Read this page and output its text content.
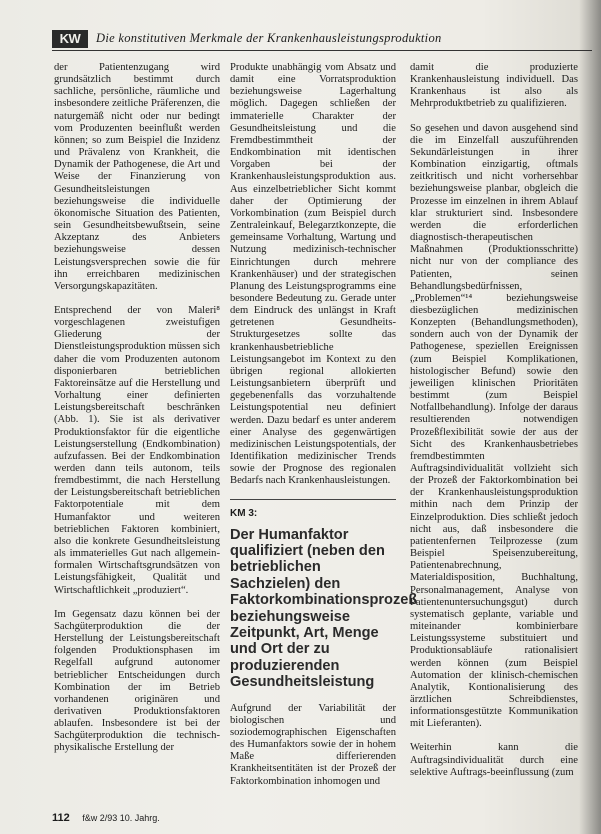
KW	Die konstitutiven Merkmale der Krankenhausleistungsproduktion

der Patientenzugang wird grundsätzlich bestimmt durch sachliche, persönliche, räumliche und insbesondere zeitliche Präferenzen, die naturgemäß nicht oder nur bedingt vom Produzenten beeinflußt werden können; so zum Beispiel die Inzidenz und Prävalenz von Krankheit, die Dynamik der Pathogenese, die Art und Weise der Finanzierung von Gesundheitsleistungen beziehungsweise die individuelle ökonomische Situation des Patienten, sein Gesundheitsbewußtsein, seine Akzeptanz des Anbieters beziehungsweise dessen Leistungsversprechen sowie die für ihn erreichbaren medizinischen Versorgungskapazitäten.

Entsprechend der von Maleri⁸ vorgeschlagenen zweistufigen Gliederung der Dienstleistungsproduktion müssen sich daher die vom Produzenten autonom disponierbaren betrieblichen Faktoreinsätze auf die Herstellung und Vorhaltung einer definierten Leistungsbereitschaft beschränken (Abb. 1). Sie ist als derivativer Produktionsfaktor für die eigentliche Leistungserstellung (Endkombination) aufzufassen. Bei der Endkombination werden dann teils autonom, teils fremdbestimmt, die nach Herstellung der Leistungsbereitschaft betrieblichen Faktorpotentiale mit dem Humanfaktor und weiteren betrieblichen Faktoren kombiniert, also die konkrete Gesundheitsleistung als immaterielles Gut nach allgemein-formalen Wirtschaftsgrundsätzen von Leistungsfähigkeit, Qualität und Wirtschaftlichkeit „produziert“.

Im Gegensatz dazu können bei der Sachgüterproduktion die der Herstellung der Leistungsbereitschaft folgenden Produktionsphasen im Regelfall aufgrund autonomer betrieblicher Entscheidungen durch Kombination der im Betrieb vorhandenen originären und derivativen Produktionsfaktoren ablaufen. Insbesondere ist bei der Sachgüterproduktion die technisch-physikalische Erstellung der

Produkte unabhängig vom Absatz und damit eine Vorratsproduktion beziehungsweise Lagerhaltung möglich. Dagegen schließen der immaterielle Charakter der Gesundheitsleistung und die Fremdbestimmtheit der Endkombination mit identischen Vorgaben bei der Krankenhausleistungsproduktion aus. Aus einzelbetrieblicher Sicht kommt daher der Optimierung der Vorkombination (zum Beispiel durch Zentraleinkauf, Belegarztkonzepte, die gemeinsame Vorhaltung, Wartung und Nutzung medizinisch-technischer Einrichtungen durch mehrere Krankenhäuser) und der strategischen Planung des Leistungsprogramms eine besondere Bedeutung zu. Gerade unter dem Eindruck des unlängst in Kraft getretenen Gesundheits-Strukturgesetzes sollte das krankenhausbetriebliche Leistungsangebot im Kontext zu den übrigen regional allokierten Leistungsanbietern überprüft und gegebenenfalls das vorzuhaltende Leistungspotential neu definiert werden. Dazu bedarf es unter anderem einer Analyse des gegenwärtigen medizinischen Leistungspotentials, der Identifikation medizinischer Trends sowie der Prognose des regionalen Bedarfs nach Krankenhausleistungen.

KM 3:
Der Humanfaktor qualifiziert (neben den betrieblichen Sachzielen) den Faktorkombinationsprozeß beziehungsweise Zeitpunkt, Art, Menge und Ort der zu produzierenden Gesundheitsleistung

Aufgrund der Variabilität der biologischen und soziodemographischen Eigenschaften des Humanfaktors sowie der in hohem Maße differierenden Krankheitsentitäten ist der Prozeß der Faktorkombination inhomogen und

damit die produzierte Krankenhausleistung individuell. Das Krankenhaus ist also als Mehrproduktbetrieb zu qualifizieren.

So gesehen und davon ausgehend sind die im Einzelfall auszuführenden Sekundärleistungen in ihrer Kombination einzigartig, oftmals zeitkritisch und nicht vorhersehbar beziehungsweise planbar, obgleich die Prozesse im einzelnen in ihrem Ablauf klar strukturiert sind. Insbesondere werden die erforderlichen diagnostisch-therapeutischen Maßnahmen (Produktionsschritte) nicht nur von der compliance des Patienten, seinen Behandlungsbedürfnissen, „Problemen“¹⁴ beziehungsweise diesbezüglichen medizinischen Konzepten (Behandlungsmethoden), sondern auch von der Dynamik der Pathogenese, speziellen Ereignissen (zum Beispiel Komplikationen, histologischer Befund) sowie den jeweiligen klinischen Prioritäten bestimmt (zum Beispiel Notfallbehandlung). Infolge der daraus resultierenden notwendigen Prozeßflexibilität sowie der aus der Sicht des Krankenhausbetriebes fremdbestimmten Auftragsindividualität vollzieht sich der Prozeß der Faktorkombination bei der Krankenhausleistungsproduktion mithin nach dem Prinzip der Einzelproduktion. Dies schließt jedoch nicht aus, daß insbesondere die patientenfernen Teilprozesse (zum Beispiel Speisenzubereitung, Patientenabrechnung, Materialdisposition, Buchhaltung, Personalmanagement, Analyse von Patientenuntersuchungsgut) durch systematisch geplante, variable und miteinander kombinierbare Leistungssysteme substituiert und Produktionsabläufe rationalisiert werden können (zum Beispiel Automation der klinisch-chemischen Analytik, Kontionalisierung des ärztlichen Schreibdienstes, informationsgestützte Kommunikation mit Lieferanten).

Weiterhin kann die Auftragsindividualität durch eine selektive Auftrags-beeinflussung (zum

112 f&w 2/93 10. Jahrg.
